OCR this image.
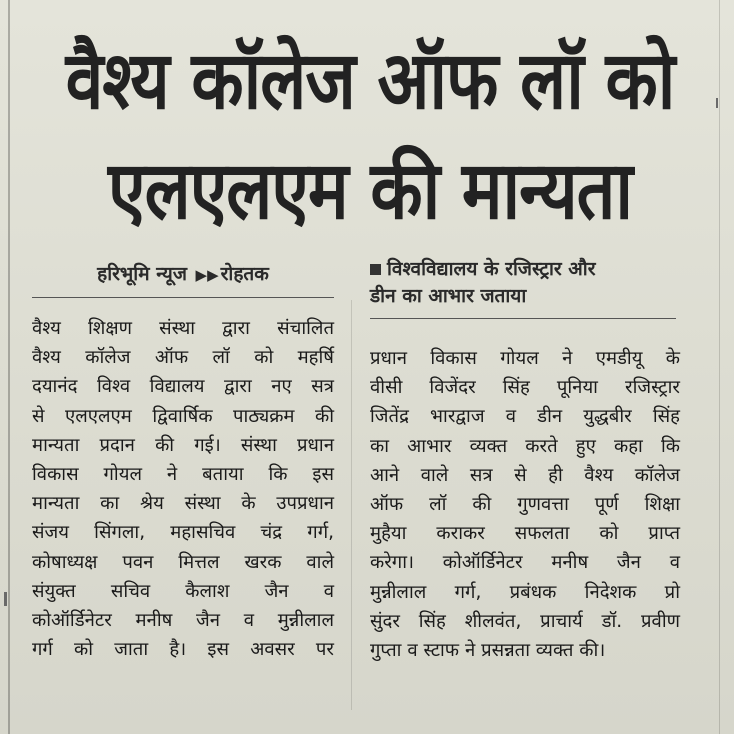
वैश्य कॉलेज ऑफ लॉ को
एलएलएम की मान्यता
हरिभूमि न्यूज ▶▶ रोहतक	विश्वविद्यालय के रजिस्ट्रार और
डीन का आभार जताया
वैश्य शिक्षण संस्था द्वारा संचालित
वैश्य कॉलेज ऑफ लॉ को महर्षि
दयानंद विश्व विद्यालय द्वारा नए सत्र
से एलएलएम द्विवार्षिक पाठ्यक्रम की
मान्यता प्रदान की गई। संस्था प्रधान
विकास गोयल ने बताया कि इस
मान्यता का श्रेय संस्था के उपप्रधान
संजय सिंगला, महासचिव चंद्र गर्ग,
कोषाध्यक्ष पवन मित्तल खरक वाले
संयुक्त सचिव कैलाश जैन व
कोऑर्डिनेटर मनीष जैन व मुन्नीलाल
गर्ग को जाता है। इस अवसर पर
प्रधान विकास गोयल ने एमडीयू के
वीसी विजेंदर सिंह पूनिया रजिस्ट्रार
जितेंद्र भारद्वाज व डीन युद्धबीर सिंह
का आभार व्यक्त करते हुए कहा कि
आने वाले सत्र से ही वैश्य कॉलेज
ऑफ लॉ की गुणवत्ता पूर्ण शिक्षा
मुहैया कराकर सफलता को प्राप्त
करेगा। कोऑर्डिनेटर मनीष जैन व
मुन्नीलाल गर्ग, प्रबंधक निदेशक प्रो
सुंदर सिंह शीलवंत, प्राचार्य डॉ. प्रवीण
गुप्ता व स्टाफ ने प्रसन्नता व्यक्त की।
